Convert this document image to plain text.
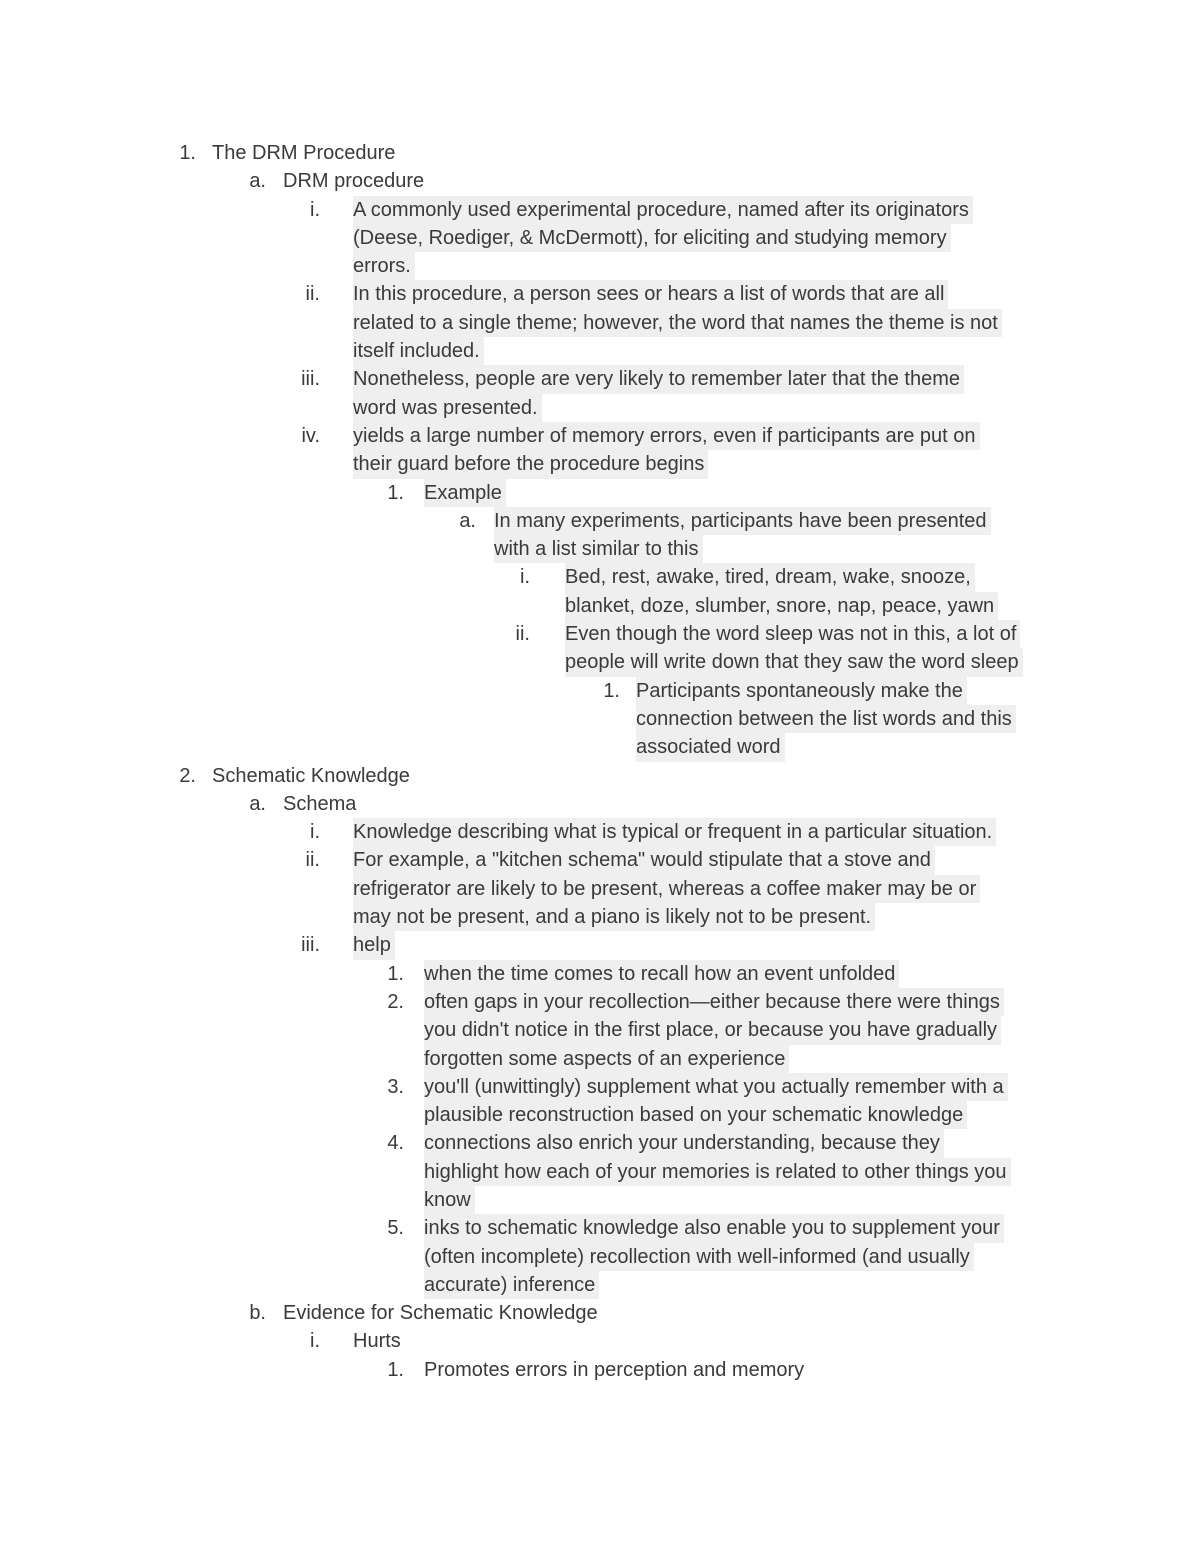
1. The DRM Procedure
a. DRM procedure
i. A commonly used experimental procedure, named after its originators
(Deese, Roediger, & McDermott), for eliciting and studying memory
errors.
ii. In this procedure, a person sees or hears a list of words that are all
related to a single theme; however, the word that names the theme is not
itself included.
iii. Nonetheless, people are very likely to remember later that the theme
word was presented.
iv. yields a large number of memory errors, even if participants are put on
their guard before the procedure begins
1. Example
a. In many experiments, participants have been presented
with a list similar to this
i. Bed, rest, awake, tired, dream, wake, snooze,
blanket, doze, slumber, snore, nap, peace, yawn
ii. Even though the word sleep was not in this, a lot of
people will write down that they saw the word sleep
1. Participants spontaneously make the
connection between the list words and this
associated word
2. Schematic Knowledge
a. Schema
i. Knowledge describing what is typical or frequent in a particular situation.
ii. For example, a "kitchen schema" would stipulate that a stove and
refrigerator are likely to be present, whereas a coffee maker may be or
may not be present, and a piano is likely not to be present.
iii. help
1. when the time comes to recall how an event unfolded
2. often gaps in your recollection—either because there were things
you didn't notice in the first place, or because you have gradually
forgotten some aspects of an experience
3. you'll (unwittingly) supplement what you actually remember with a
plausible reconstruction based on your schematic knowledge
4. connections also enrich your understanding, because they
highlight how each of your memories is related to other things you
know
5. inks to schematic knowledge also enable you to supplement your
(often incomplete) recollection with well-informed (and usually
accurate) inference
b. Evidence for Schematic Knowledge
i. Hurts
1. Promotes errors in perception and memory
